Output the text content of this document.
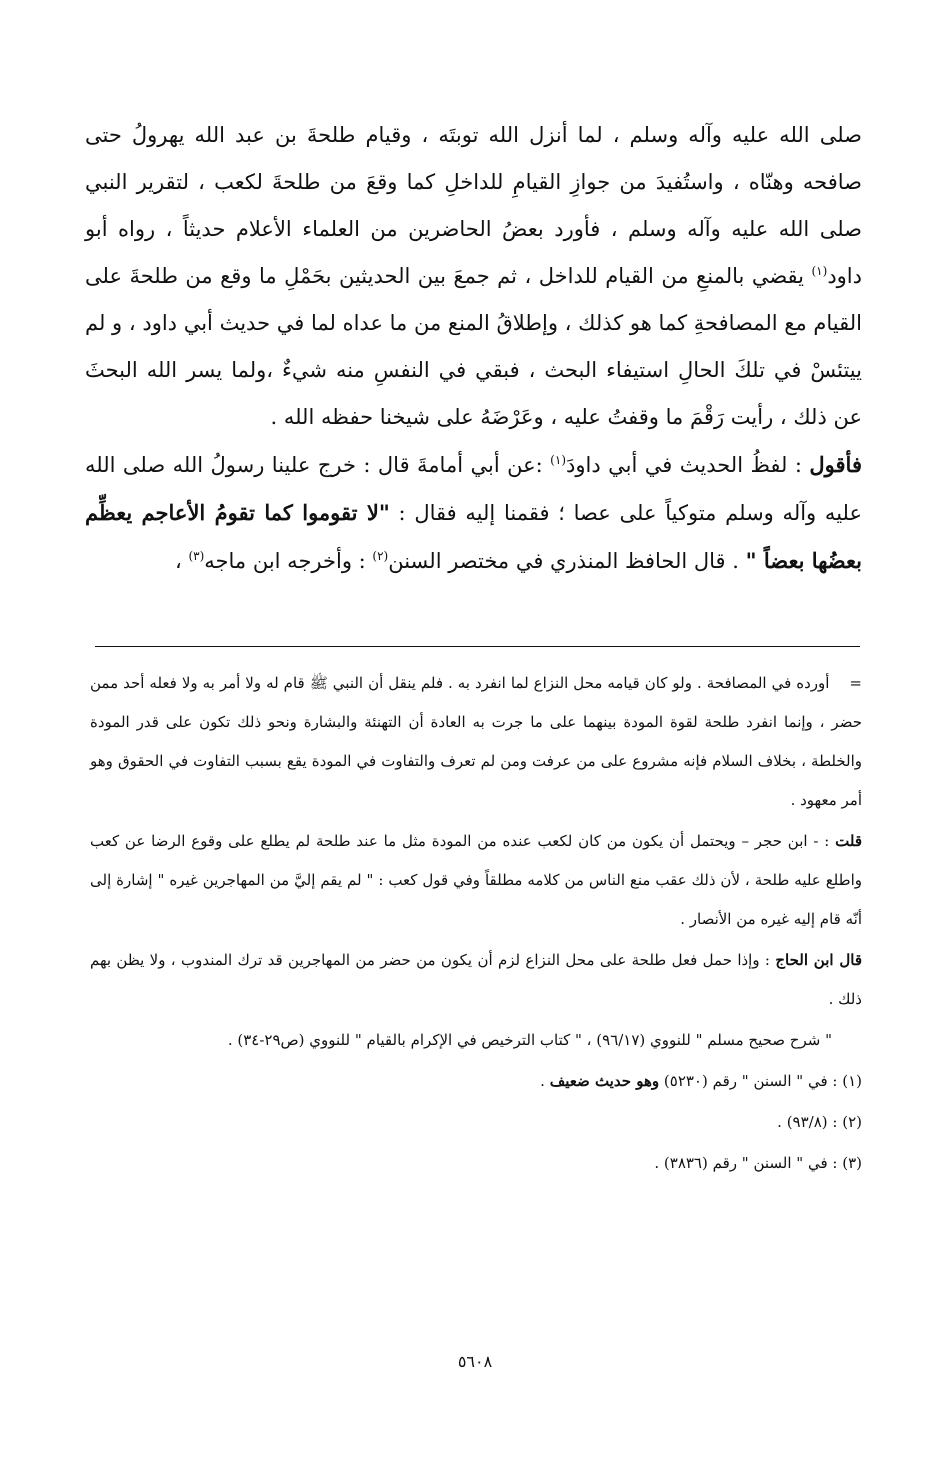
صلى الله عليه وآله وسلم ، لما أنزل الله توبتَه ، وقيام طلحةَ بن عبد الله يهرولُ حتى صافحه وهنّاه ، واستُفيدَ من جوازِ القيامِ للداخلِ كما وقعَ من طلحةَ لكعب ، لتقرير النبي صلى الله عليه وآله وسلم ، فأورد بعضُ الحاضرين من العلماء الأعلام حديثاً ، رواه أبو داود$^{(١)}$ يقضي بالمنعِ من القيام للداخل ، ثم جمعَ بين الحديثين بحَمْلِ ما وقع من طلحةَ على القيام مع المصافحةِ كما هو كذلك ، وإطلاقُ المنع من ما عداه لما في حديث أبي داود ، و لم ييتئسْ في تلكَ الحالِ استيفاء البحث ، فبقي في النفسِ منه شيءٌ ،ولما يسر الله البحثَ عن ذلك ، رأيت رَقْمَ ما وقفتُ عليه ، وعَرْضَهُ على شيخنا حفظه الله .

فأقول : لفظُ الحديث في أبي داودَ$^{(١)}$ :عن أبي أمامةَ قال : خرج علينا رسولُ الله صلى الله عليه وآله وسلم متوكياً على عصا ؛ فقمنا إليه فقال : "لا تقوموا كما تقومُ الأعاجم يعظِّم بعضُها بعضاً " . قال الحافظ المنذري في مختصر السنن$^{(٢)}$ : وأخرجه ابن ماجه$^{(٣)}$ ،

=    أورده في المصافحة . ولو كان قيامه محل النزاع لما انفرد به . فلم ينقل أن النبي ﷺ قام له ولا أمر به ولا فعله أحد ممن حضر ، وإنما انفرد طلحة لقوة المودة بينهما على ما جرت به العادة أن التهنئة والبشارة ونحو ذلك تكون على قدر المودة والخلطة ، بخلاف السلام فإنه مشروع على من عرفت ومن لم تعرف والتفاوت في المودة يقع بسبب التفاوت في الحقوق وهو أمر معهود .

قلت : - ابن حجر – ويحتمل أن يكون من كان لكعب عنده من المودة مثل ما عند طلحة لم يطلع على وقوع الرضا عن كعب واطلع عليه طلحة ، لأن ذلك عقب منع الناس من كلامه مطلقاً وفي قول كعب : " لم يقم إليَّ من المهاجرين غيره " إشارة إلى أنّه قام إليه غيره من الأنصار .

قال ابن الحاج : وإذا حمل فعل طلحة على محل النزاع لزم أن يكون من حضر من المهاجرين قد ترك المندوب ، ولا يظن بهم ذلك .

" شرح صحيح مسلم " للنووي (٩٦/١٧) ، " كتاب الترخيص في الإكرام بالقيام " للنووي (ص٢٩-٣٤) .

(١) : في " السنن " رقم (٥٢٣٠) وهو حديث ضعيف .

(٢) : (٩٣/٨) .

(٣) : في " السنن " رقم (٣٨٣٦) .

٥٦٠٨
